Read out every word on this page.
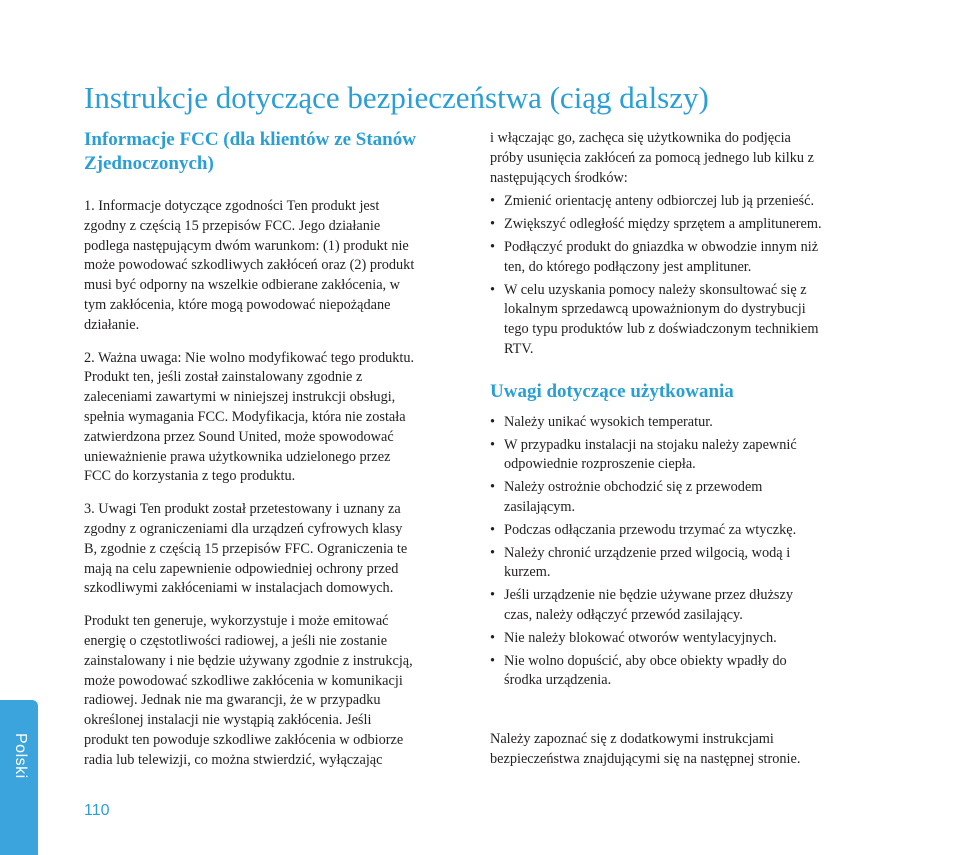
Instrukcje dotyczące bezpieczeństwa (ciąg dalszy)
Informacje FCC (dla klientów ze Stanów
Zjednoczonych)

1. Informacje dotyczące zgodności Ten produkt jest
zgodny z częścią 15 przepisów FCC. Jego działanie
podlega następującym dwóm warunkom: (1) produkt nie
może powodować szkodliwych zakłóceń oraz (2) produkt
musi być odporny na wszelkie odbierane zakłócenia, w
tym zakłócenia, które mogą powodować niepożądane
działanie.

2. Ważna uwaga: Nie wolno modyfikować tego produktu.
Produkt ten, jeśli został zainstalowany zgodnie z
zaleceniami zawartymi w niniejszej instrukcji obsługi,
spełnia wymagania FCC. Modyfikacja, która nie została
zatwierdzona przez Sound United, może spowodować
unieważnienie prawa użytkownika udzielonego przez
FCC do korzystania z tego produktu.

3. Uwagi Ten produkt został przetestowany i uznany za
zgodny z ograniczeniami dla urządzeń cyfrowych klasy
B, zgodnie z częścią 15 przepisów FFC. Ograniczenia te
mają na celu zapewnienie odpowiedniej ochrony przed
szkodliwymi zakłóceniami w instalacjach domowych.

Produkt ten generuje, wykorzystuje i może emitować
energię o częstotliwości radiowej, a jeśli nie zostanie
zainstalowany i nie będzie używany zgodnie z instrukcją,
może powodować szkodliwe zakłócenia w komunikacji
radiowej. Jednak nie ma gwarancji, że w przypadku
określonej instalacji nie wystąpią zakłócenia. Jeśli
produkt ten powoduje szkodliwe zakłócenia w odbiorze
radia lub telewizji, co można stwierdzić, wyłączając

i włączając go, zachęca się użytkownika do podjęcia
próby usunięcia zakłóceń za pomocą jednego lub kilku z
następujących środków:

• Zmienić orientację anteny odbiorczej lub ją przenieść.
• Zwiększyć odległość między sprzętem a amplitunerem.
• Podłączyć produkt do gniazdka w obwodzie innym niż
ten, do którego podłączony jest amplituner.
• W celu uzyskania pomocy należy skonsultować się z
lokalnym sprzedawcą upoważnionym do dystrybucji
tego typu produktów lub z doświadczonym technikiem
RTV.
Uwagi dotyczące użytkowania
• Należy unikać wysokich temperatur.
• W przypadku instalacji na stojaku należy zapewnić
odpowiednie rozproszenie ciepła.
• Należy ostrożnie obchodzić się z przewodem
zasilającym.
• Podczas odłączania przewodu trzymać za wtyczkę.
• Należy chronić urządzenie przed wilgocią, wodą i
kurzem.
• Jeśli urządzenie nie będzie używane przez dłuższy
czas, należy odłączyć przewód zasilający.
• Nie należy blokować otworów wentylacyjnych.
• Nie wolno dopuścić, aby obce obiekty wpadły do
środka urządzenia.

Należy zapoznać się z dodatkowymi instrukcjami
bezpieczeństwa znajdującymi się na następnej stronie.

Polski
110
